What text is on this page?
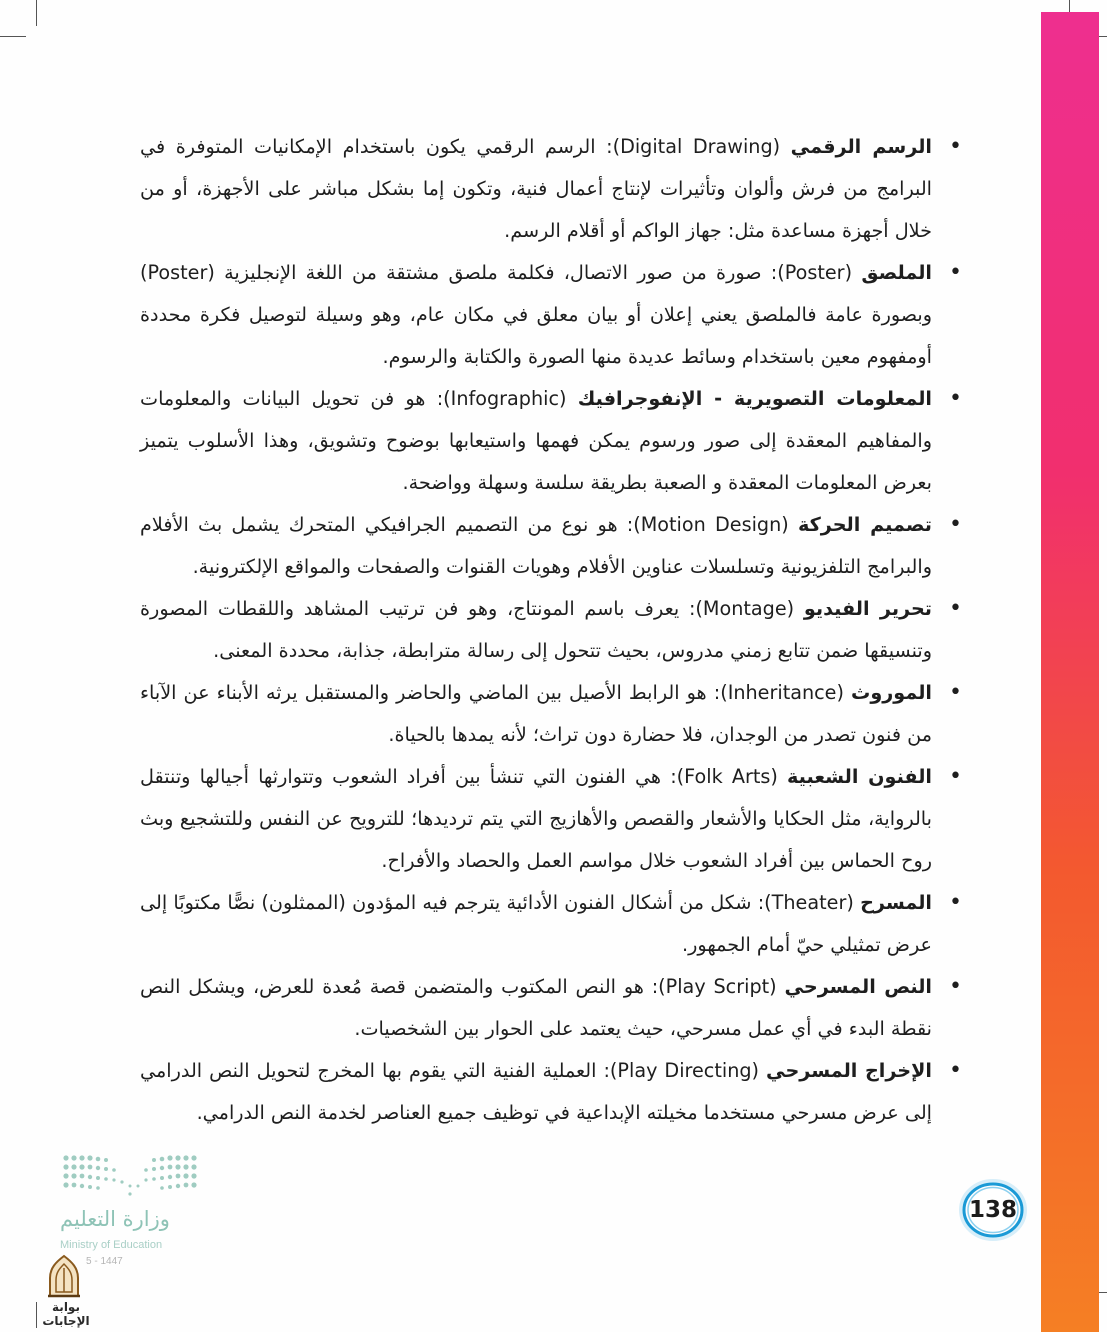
•
الرسم الرقمي (Digital Drawing): الرسم الرقمي يكون باستخدام الإمكانيات المتوفرة في البرامج من فرش وألوان وتأثيرات لإنتاج أعمال فنية، وتكون إما بشكل مباشر على الأجهزة، أو من خلال أجهزة مساعدة مثل: جهاز الواكم أو أقلام الرسم.

•
الملصق (Poster): صورة من صور الاتصال، فكلمة ملصق مشتقة من اللغة الإنجليزية (Poster) وبصورة عامة فالملصق يعني إعلان أو بيان معلق في مكان عام، وهو وسيلة لتوصيل فكرة محددة أومفهوم معين باستخدام وسائط عديدة منها الصورة والكتابة والرسوم.

•
المعلومات التصويرية - الإنفوجرافيك (Infographic): هو فن تحويل البيانات والمعلومات والمفاهيم المعقدة إلى صور ورسوم يمكن فهمها واستيعابها بوضوح وتشويق، وهذا الأسلوب يتميز بعرض المعلومات المعقدة و الصعبة بطريقة سلسة وسهلة وواضحة.

•
تصميم الحركة (Motion Design): هو نوع من التصميم الجرافيكي المتحرك يشمل بث الأفلام والبرامج التلفزيونية وتسلسلات عناوين الأفلام وهويات القنوات والصفحات والمواقع الإلكترونية.

•
تحرير الفيديو (Montage): يعرف باسم المونتاج، وهو فن ترتيب المشاهد واللقطات المصورة وتنسيقها ضمن تتابع زمني مدروس، بحيث تتحول إلى رسالة مترابطة، جذابة، محددة المعنى.

•
الموروث (Inheritance): هو الرابط الأصيل بين الماضي والحاضر والمستقبل يرثه الأبناء عن الآباء من فنون تصدر من الوجدان، فلا حضارة دون تراث؛ لأنه يمدها بالحياة.

•
الفنون الشعبية (Folk Arts): هي الفنون التي تنشأ بين أفراد الشعوب وتتوارثها أجيالها وتنتقل بالرواية، مثل الحكايا والأشعار والقصص والأهازيج التي يتم ترديدها؛ للترويح عن النفس وللتشجيع وبث روح الحماس بين أفراد الشعوب خلال مواسم العمل والحصاد والأفراح.

•
المسرح (Theater): شكل من أشكال الفنون الأدائية يترجم فيه المؤدون (الممثلون) نصًّا مكتوبًا إلى عرض تمثيلي حيّ أمام الجمهور.

•
النص المسرحي (Play Script): هو النص المكتوب والمتضمن قصة مُعدة للعرض، ويشكل النص نقطة البدء في أي عمل مسرحي، حيث يعتمد على الحوار بين الشخصيات.

•
الإخراج المسرحي (Play Directing): العملية الفنية التي يقوم بها المخرج لتحويل النص الدرامي إلى عرض مسرحي مستخدما مخيلته الإبداعية في توظيف جميع العناصر لخدمة النص الدرامي.

138
وزارة التعليم
Ministry of Education
5 - 1447
بوابة الإجابات
